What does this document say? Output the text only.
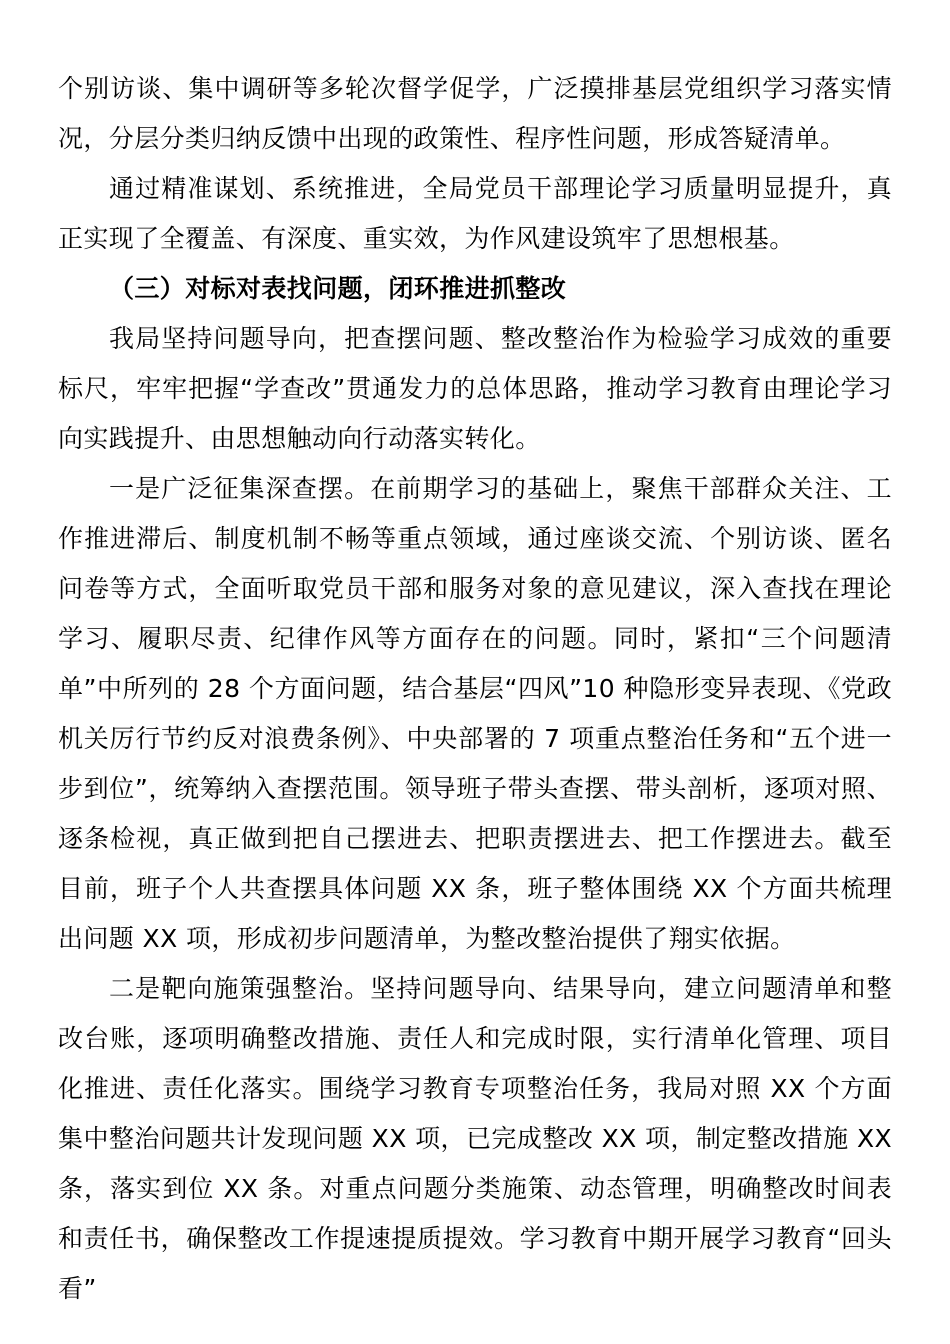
个别访谈、集中调研等多轮次督学促学，广泛摸排基层党组织学习落实情况，分层分类归纳反馈中出现的政策性、程序性问题，形成答疑清单。

通过精准谋划、系统推进，全局党员干部理论学习质量明显提升，真正实现了全覆盖、有深度、重实效，为作风建设筑牢了思想根基。

（三）对标对表找问题，闭环推进抓整改

我局坚持问题导向，把查摆问题、整改整治作为检验学习成效的重要标尺，牢牢把握“学查改”贯通发力的总体思路，推动学习教育由理论学习向实践提升、由思想触动向行动落实转化。

一是广泛征集深查摆。在前期学习的基础上，聚焦干部群众关注、工作推进滞后、制度机制不畅等重点领域，通过座谈交流、个别访谈、匿名问卷等方式，全面听取党员干部和服务对象的意见建议，深入查找在理论学习、履职尽责、纪律作风等方面存在的问题。同时，紧扣“三个问题清单”中所列的 28 个方面问题，结合基层“四风”10 种隐形变异表现、《党政机关厉行节约反对浪费条例》、中央部署的 7 项重点整治任务和“五个进一步到位”，统筹纳入查摆范围。领导班子带头查摆、带头剖析，逐项对照、逐条检视，真正做到把自己摆进去、把职责摆进去、把工作摆进去。截至目前，班子个人共查摆具体问题 XX 条，班子整体围绕 XX 个方面共梳理出问题 XX 项，形成初步问题清单，为整改整治提供了翔实依据。

二是靶向施策强整治。坚持问题导向、结果导向，建立问题清单和整改台账，逐项明确整改措施、责任人和完成时限，实行清单化管理、项目化推进、责任化落实。围绕学习教育专项整治任务，我局对照 XX 个方面集中整治问题共计发现问题 XX 项，已完成整改 XX 项，制定整改措施 XX 条，落实到位 XX 条。对重点问题分类施策、动态管理，明确整改时间表和责任书，确保整改工作提速提质提效。学习教育中期开展学习教育“回头看”
